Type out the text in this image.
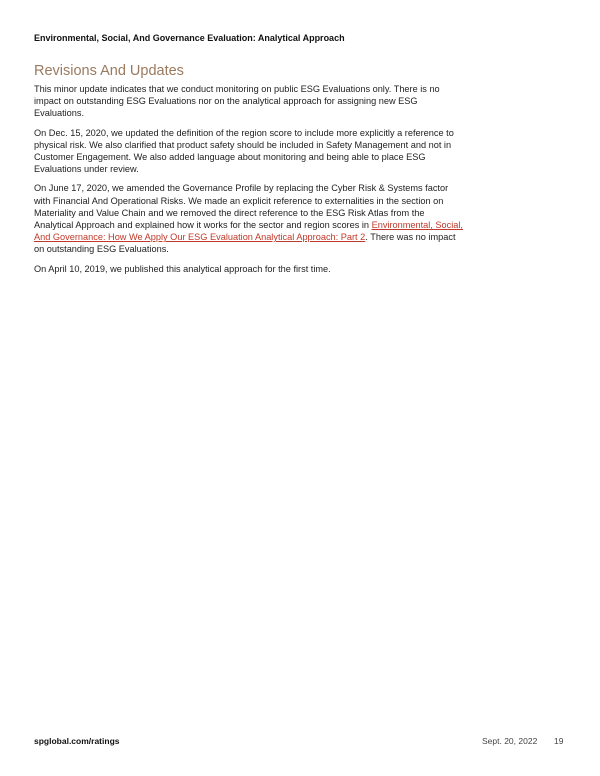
Environmental, Social, And Governance Evaluation: Analytical Approach
Revisions And Updates

This minor update indicates that we conduct monitoring on public ESG Evaluations only. There is no impact on outstanding ESG Evaluations nor on the analytical approach for assigning new ESG Evaluations.

On Dec. 15, 2020, we updated the definition of the region score to include more explicitly a reference to physical risk. We also clarified that product safety should be included in Safety Management and not in Customer Engagement. We also added language about monitoring and being able to place ESG Evaluations under review.

On June 17, 2020, we amended the Governance Profile by replacing the Cyber Risk & Systems factor with Financial And Operational Risks. We made an explicit reference to externalities in the section on Materiality and Value Chain and we removed the direct reference to the ESG Risk Atlas from the Analytical Approach and explained how it works for the sector and region scores in Environmental, Social, And Governance: How We Apply Our ESG Evaluation Analytical Approach: Part 2. There was no impact on outstanding ESG Evaluations.

On April 10, 2019, we published this analytical approach for the first time.

spglobal.com/ratings	Sept. 20, 2022 19
